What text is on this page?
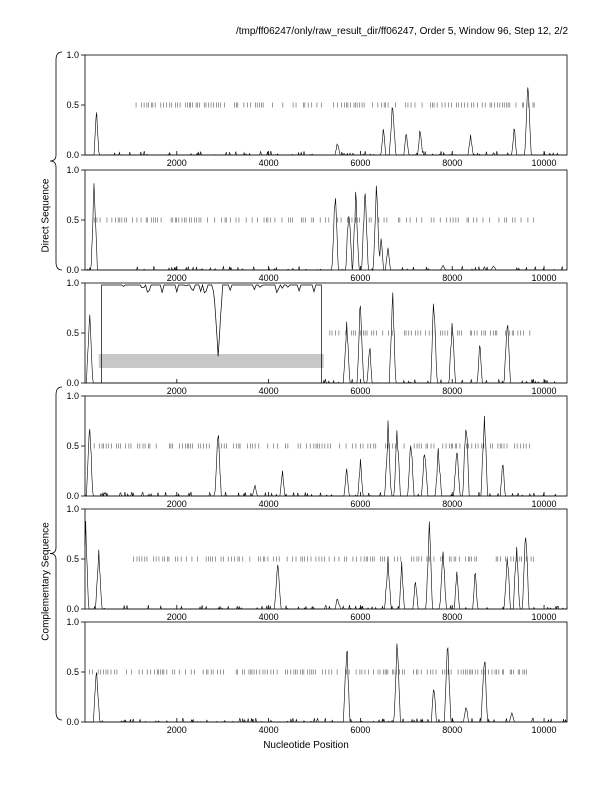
/tmp/ff06247/only/raw_result_dir/ff06247, Order 5, Window 96, Step 12, 2/2
0.0
0.5
1.0
2000	4000	6000	8000	10000
0.0
0.5
1.0
2000	4000	6000	8000	10000
0.0
0.5
1.0
2000	4000	6000	8000	10000
0.0
0.5
1.0
2000	4000	6000	8000	10000
0.0
0.5
1.0
2000	4000	6000	8000	10000
0.0
0.5
1.0
2000	4000	6000	8000	10000
Direct Sequence
Complementary Sequence
Nucleotide Position
